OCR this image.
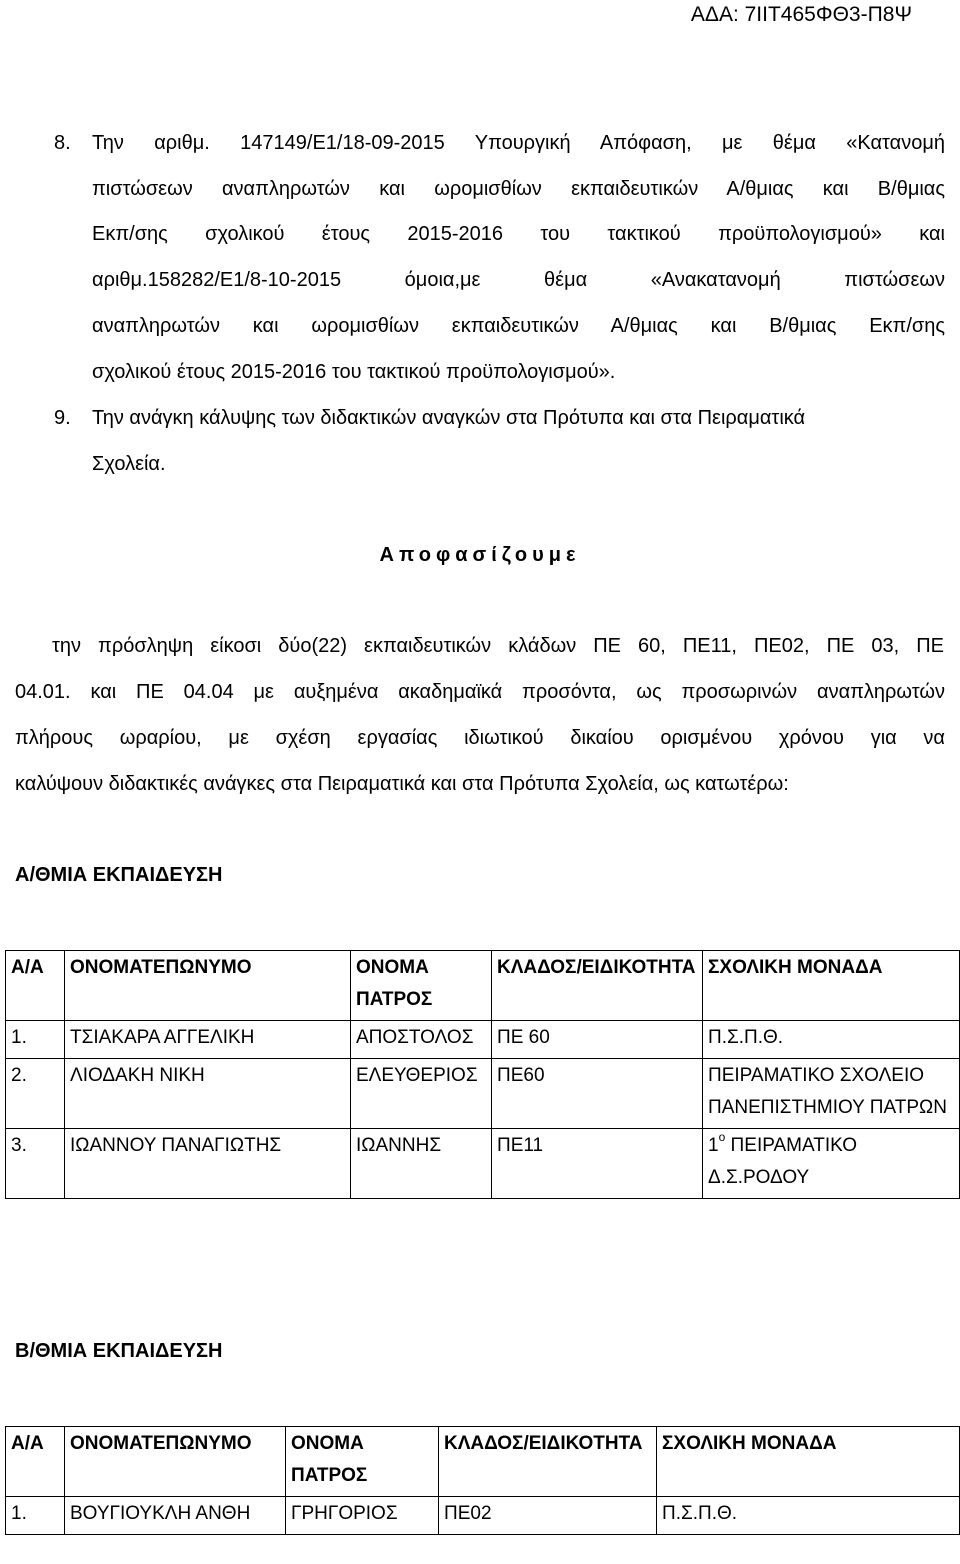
ΑΔΑ: 7ΙΙΤ465ΦΘ3-Π8Ψ
8. Την αριθμ. 147149/Ε1/18-09-2015 Υπουργική Απόφαση, με θέμα «Κατανομή
πιστώσεων αναπληρωτών και ωρομισθίων εκπαιδευτικών Α/θμιας και Β/θμιας
Εκπ/σης σχολικού έτους 2015-2016 του τακτικού προϋπολογισμού» και
αριθμ.158282/Ε1/8-10-2015 όμοια,με θέμα «Ανακατανομή πιστώσεων
αναπληρωτών και ωρομισθίων εκπαιδευτικών Α/θμιας και Β/θμιας Εκπ/σης
σχολικού έτους 2015-2016 του τακτικού προϋπολογισμού».
9. Την ανάγκη κάλυψης των διδακτικών αναγκών στα Πρότυπα και στα Πειραματικά
Σχολεία.
Αποφασίζουμε
την πρόσληψη είκοσι δύο(22) εκπαιδευτικών κλάδων ΠΕ 60, ΠΕ11, ΠΕ02, ΠΕ 03, ΠΕ
04.01. και ΠΕ 04.04 με αυξημένα ακαδημαϊκά προσόντα, ως προσωρινών αναπληρωτών
πλήρους ωραρίου, με σχέση εργασίας ιδιωτικού δικαίου ορισμένου χρόνου για να
καλύψουν διδακτικές ανάγκες στα Πειραματικά και στα Πρότυπα Σχολεία, ως κατωτέρω:
Α/ΘΜΙΑ ΕΚΠΑΙΔΕΥΣΗ
Α/Α	ΟΝΟΜΑΤΕΠΩΝΥΜΟ	ΟΝΟΜΑ ΠΑΤΡΟΣ	ΚΛΑΔΟΣ/ΕΙΔΙΚΟΤΗΤΑ	ΣΧΟΛΙΚΗ ΜΟΝΑΔΑ
1.	ΤΣΙΑΚΑΡΑ ΑΓΓΕΛΙΚΗ	ΑΠΟΣΤΟΛΟΣ	ΠΕ 60	Π.Σ.Π.Θ.
2.	ΛΙΟΔΑΚΗ ΝΙΚΗ	ΕΛΕΥΘΕΡΙΟΣ	ΠΕ60	ΠΕΙΡΑΜΑΤΙΚΟ ΣΧΟΛΕΙΟ ΠΑΝΕΠΙΣΤΗΜΙΟΥ ΠΑΤΡΩΝ
3.	ΙΩΑΝΝΟΥ ΠΑΝΑΓΙΩΤΗΣ	ΙΩΑΝΝΗΣ	ΠΕ11	$1^o$ ΠΕΙΡΑΜΑΤΙΚΟ Δ.Σ.ΡΟΔΟΥ
Β/ΘΜΙΑ ΕΚΠΑΙΔΕΥΣΗ
Α/Α	ΟΝΟΜΑΤΕΠΩΝΥΜΟ	ΟΝΟΜΑ ΠΑΤΡΟΣ	ΚΛΑΔΟΣ/ΕΙΔΙΚΟΤΗΤΑ	ΣΧΟΛΙΚΗ ΜΟΝΑΔΑ
1.	ΒΟΥΓΙΟΥΚΛΗ ΑΝΘΗ	ΓΡΗΓΟΡΙΟΣ	ΠΕ02	Π.Σ.Π.Θ.
